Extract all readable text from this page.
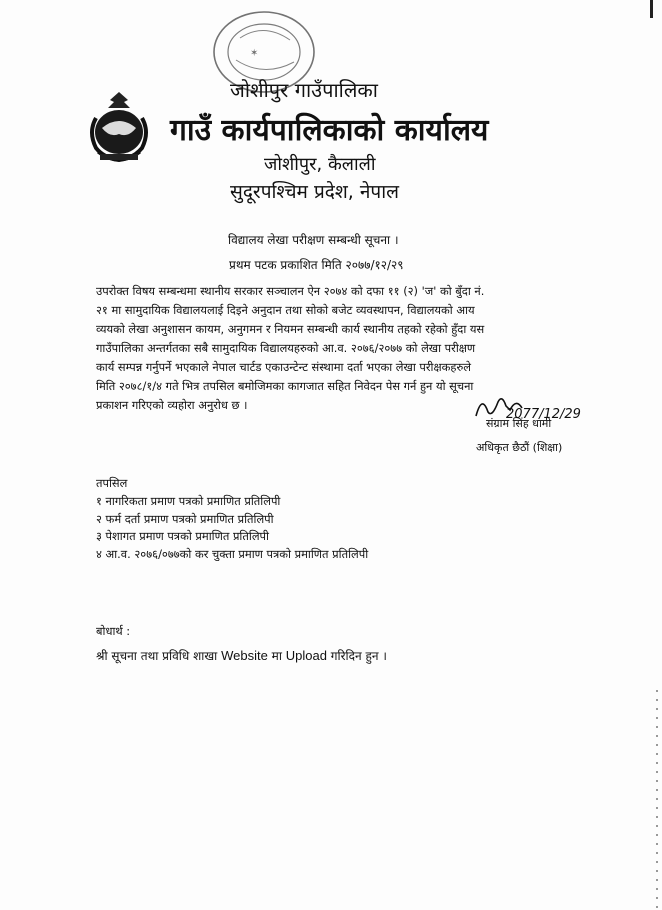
✶
जोशीपुर गाउँपालिका
गाउँ कार्यपालिकाको कार्यालय
जोशीपुर, कैलाली
सुदूरपश्चिम प्रदेश, नेपाल
विद्यालय लेखा परीक्षण सम्बन्धी सूचना ।
प्रथम पटक प्रकाशित मिति २०७७/१२/२९
उपरोक्त विषय सम्बन्धमा स्थानीय सरकार सञ्चालन ऐन २०७४ को दफा ११ (२) 'ज' को बुँदा नं.
२१ मा सामुदायिक विद्यालयलाई दिइने अनुदान तथा सोको बजेट व्यवस्थापन, विद्यालयको आय
व्ययको लेखा अनुशासन कायम, अनुगमन र नियमन सम्बन्धी कार्य स्थानीय तहको रहेको हुँदा यस
गाउँपालिका अन्तर्गतका सबै सामुदायिक विद्यालयहरुको आ.व. २०७६/२०७७ को लेखा परीक्षण
कार्य सम्पन्न गर्नुपर्ने भएकाले नेपाल चार्टड एकाउन्टेन्ट संस्थामा दर्ता भएका लेखा परीक्षकहरुले
मिति २०७८/१/४ गते भित्र तपसिल बमोजिमका कागजात सहित निवेदन पेस गर्न हुन यो सूचना
प्रकाशन गरिएको व्यहोरा अनुरोध छ ।
2077/12/29
संग्राम सिंह धामी
अधिकृत छैठौं (शिक्षा)
तपसिल
१ नागरिकता प्रमाण पत्रको प्रमाणित प्रतिलिपी
२ फर्म दर्ता प्रमाण पत्रको प्रमाणित प्रतिलिपी
३ पेशागत प्रमाण पत्रको प्रमाणित प्रतिलिपी
४ आ.व. २०७६/०७७को कर चुक्ता प्रमाण पत्रको प्रमाणित प्रतिलिपी
बोधार्थ :
श्री सूचना तथा प्रविधि शाखा Website मा Upload गरिदिन हुन ।
